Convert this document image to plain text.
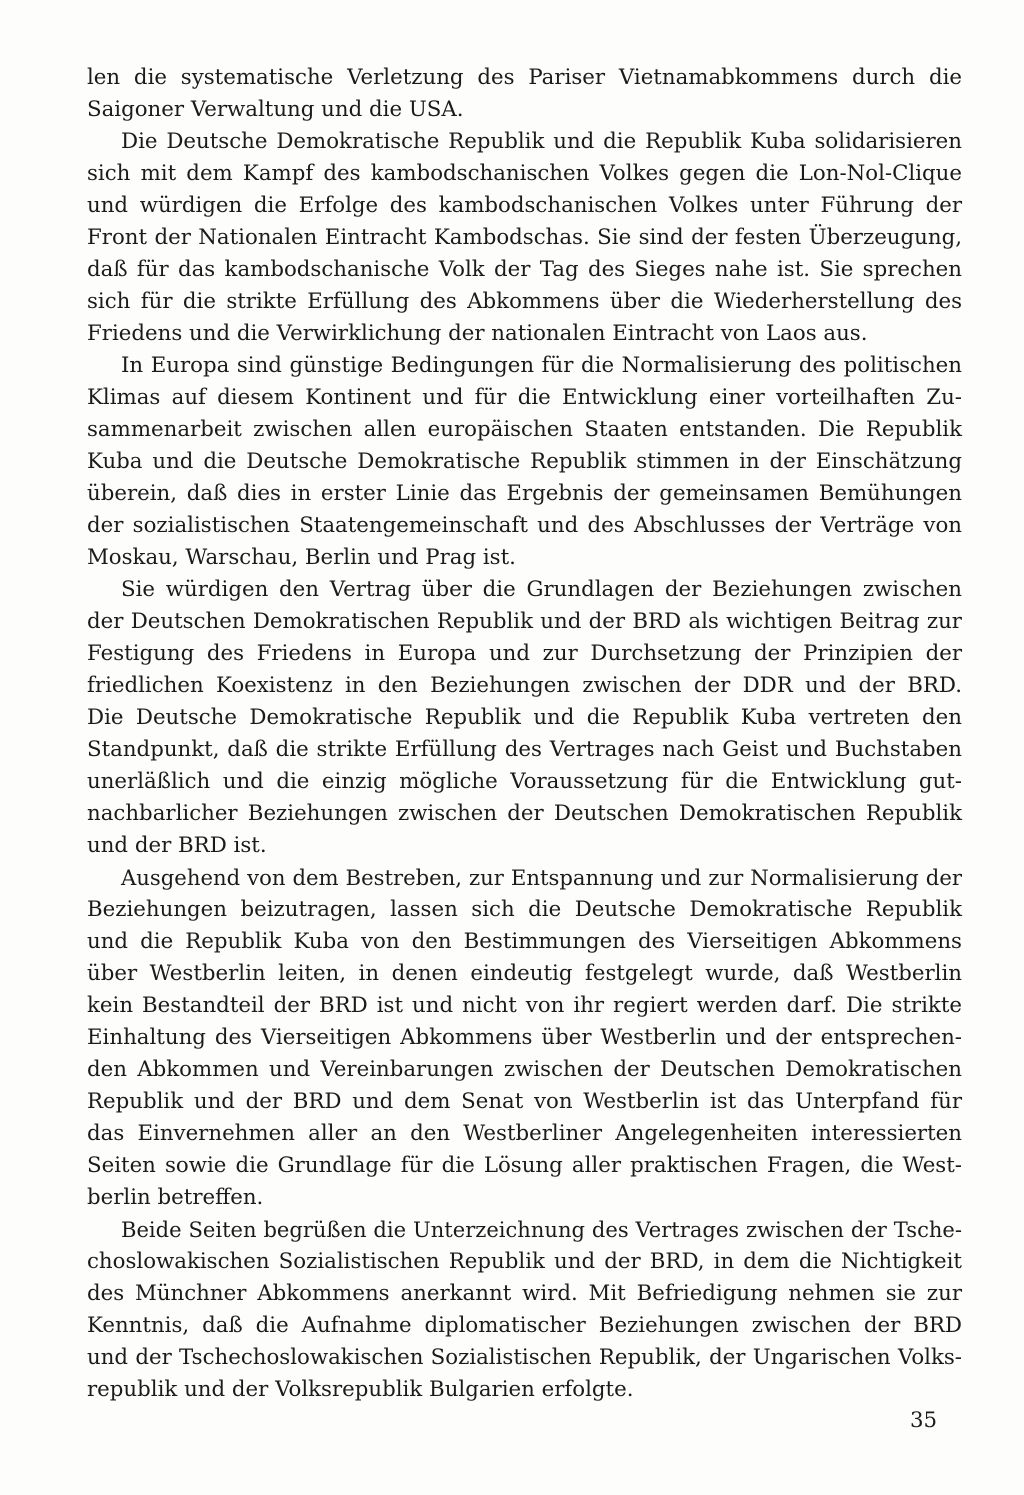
len die systematische Verletzung des Pariser Vietnamabkommens durch die
Saigoner Verwaltung und die USA.
Die Deutsche Demokratische Republik und die Republik Kuba solidarisieren
sich mit dem Kampf des kambodschanischen Volkes gegen die Lon-Nol-Clique
und würdigen die Erfolge des kambodschanischen Volkes unter Führung der
Front der Nationalen Eintracht Kambodschas. Sie sind der festen Überzeugung,
daß für das kambodschanische Volk der Tag des Sieges nahe ist. Sie sprechen
sich für die strikte Erfüllung des Abkommens über die Wiederherstellung des
Friedens und die Verwirklichung der nationalen Eintracht von Laos aus.
In Europa sind günstige Bedingungen für die Normalisierung des politischen
Klimas auf diesem Kontinent und für die Entwicklung einer vorteilhaften Zu-
sammenarbeit zwischen allen europäischen Staaten entstanden. Die Republik
Kuba und die Deutsche Demokratische Republik stimmen in der Einschätzung
überein, daß dies in erster Linie das Ergebnis der gemeinsamen Bemühungen
der sozialistischen Staatengemeinschaft und des Abschlusses der Verträge von
Moskau, Warschau, Berlin und Prag ist.
Sie würdigen den Vertrag über die Grundlagen der Beziehungen zwischen
der Deutschen Demokratischen Republik und der BRD als wichtigen Beitrag zur
Festigung des Friedens in Europa und zur Durchsetzung der Prinzipien der
friedlichen Koexistenz in den Beziehungen zwischen der DDR und der BRD.
Die Deutsche Demokratische Republik und die Republik Kuba vertreten den
Standpunkt, daß die strikte Erfüllung des Vertrages nach Geist und Buchstaben
unerläßlich und die einzig mögliche Voraussetzung für die Entwicklung gut-
nachbarlicher Beziehungen zwischen der Deutschen Demokratischen Republik
und der BRD ist.
Ausgehend von dem Bestreben, zur Entspannung und zur Normalisierung der
Beziehungen beizutragen, lassen sich die Deutsche Demokratische Republik
und die Republik Kuba von den Bestimmungen des Vierseitigen Abkommens
über Westberlin leiten, in denen eindeutig festgelegt wurde, daß Westberlin
kein Bestandteil der BRD ist und nicht von ihr regiert werden darf. Die strikte
Einhaltung des Vierseitigen Abkommens über Westberlin und der entsprechen-
den Abkommen und Vereinbarungen zwischen der Deutschen Demokratischen
Republik und der BRD und dem Senat von Westberlin ist das Unterpfand für
das Einvernehmen aller an den Westberliner Angelegenheiten interessierten
Seiten sowie die Grundlage für die Lösung aller praktischen Fragen, die West-
berlin betreffen.
Beide Seiten begrüßen die Unterzeichnung des Vertrages zwischen der Tsche-
choslowakischen Sozialistischen Republik und der BRD, in dem die Nichtigkeit
des Münchner Abkommens anerkannt wird. Mit Befriedigung nehmen sie zur
Kenntnis, daß die Aufnahme diplomatischer Beziehungen zwischen der BRD
und der Tschechoslowakischen Sozialistischen Republik, der Ungarischen Volks-
republik und der Volksrepublik Bulgarien erfolgte.
35
